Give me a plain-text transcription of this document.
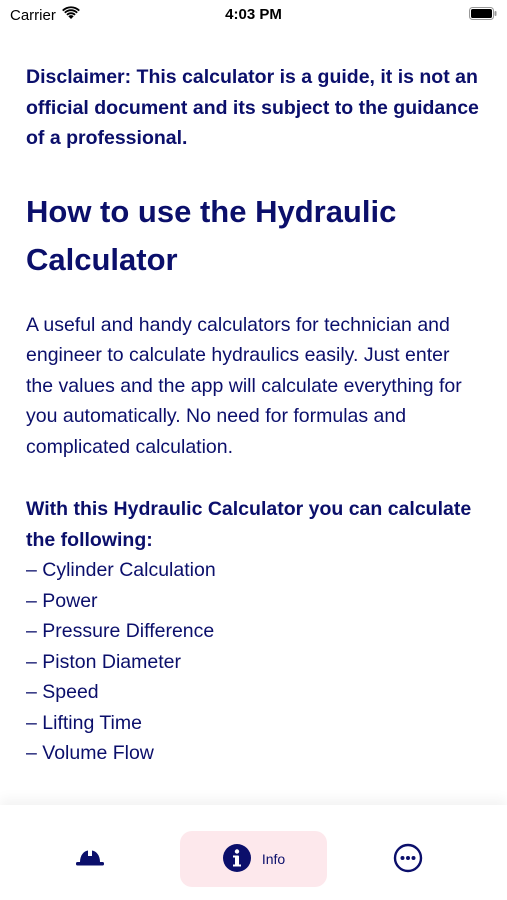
Carrier	4:03 PM

Disclaimer: This calculator is a guide, it is not an official document and its subject to the guidance of a professional.

How to use the Hydraulic Calculator

A useful and handy calculators for technician and engineer to calculate hydraulics easily. Just enter the values and the app will calculate everything for you automatically. No need for formulas and complicated calculation.

With this Hydraulic Calculator you can calculate the following:

– Cylinder Calculation
– Power
– Pressure Difference
– Piston Diameter
– Speed
– Lifting Time
– Volume Flow
Info
